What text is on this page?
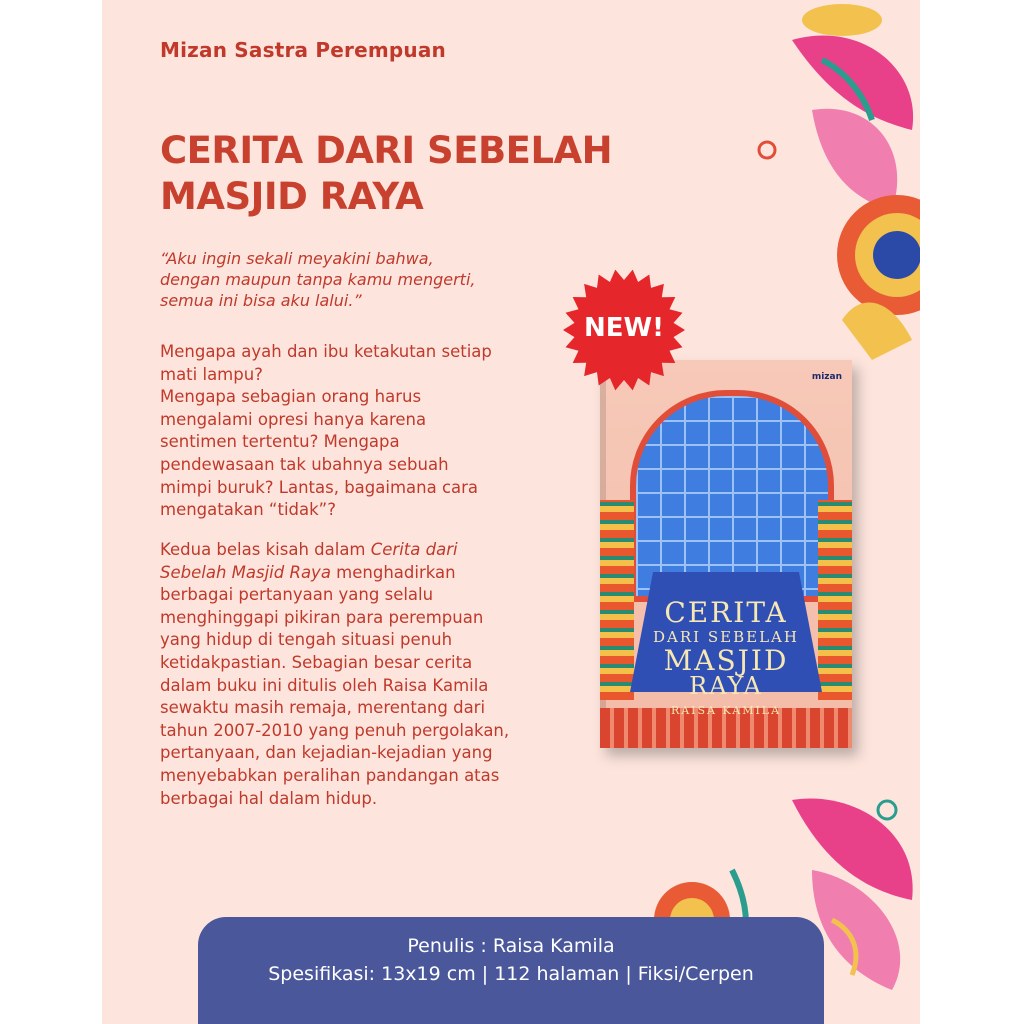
Mizan Sastra Perempuan
CERITA DARI SEBELAH
MASJID RAYA
“Aku ingin sekali meyakini bahwa,
dengan maupun tanpa kamu mengerti,
semua ini bisa aku lalui.”
Mengapa ayah dan ibu ketakutan setiap
mati lampu?
Mengapa sebagian orang harus
mengalami opresi hanya karena
sentimen tertentu? Mengapa
pendewasaan tak ubahnya sebuah
mimpi buruk? Lantas, bagaimana cara
mengatakan “tidak”?
Kedua belas kisah dalam Cerita dari
Sebelah Masjid Raya menghadirkan
berbagai pertanyaan yang selalu
menghinggapi pikiran para perempuan
yang hidup di tengah situasi penuh
ketidakpastian. Sebagian besar cerita
dalam buku ini ditulis oleh Raisa Kamila
sewaktu masih remaja, merentang dari
tahun 2007-2010 yang penuh pergolakan,
pertanyaan, dan kejadian-kejadian yang
menyebabkan peralihan pandangan atas
berbagai hal dalam hidup.
mizan
CERITA
DARI SEBELAH
MASJID
RAYA
RAISA KAMILA
NEW!
Penulis : Raisa Kamila
Spesifikasi: 13x19 cm | 112 halaman | Fiksi/Cerpen
